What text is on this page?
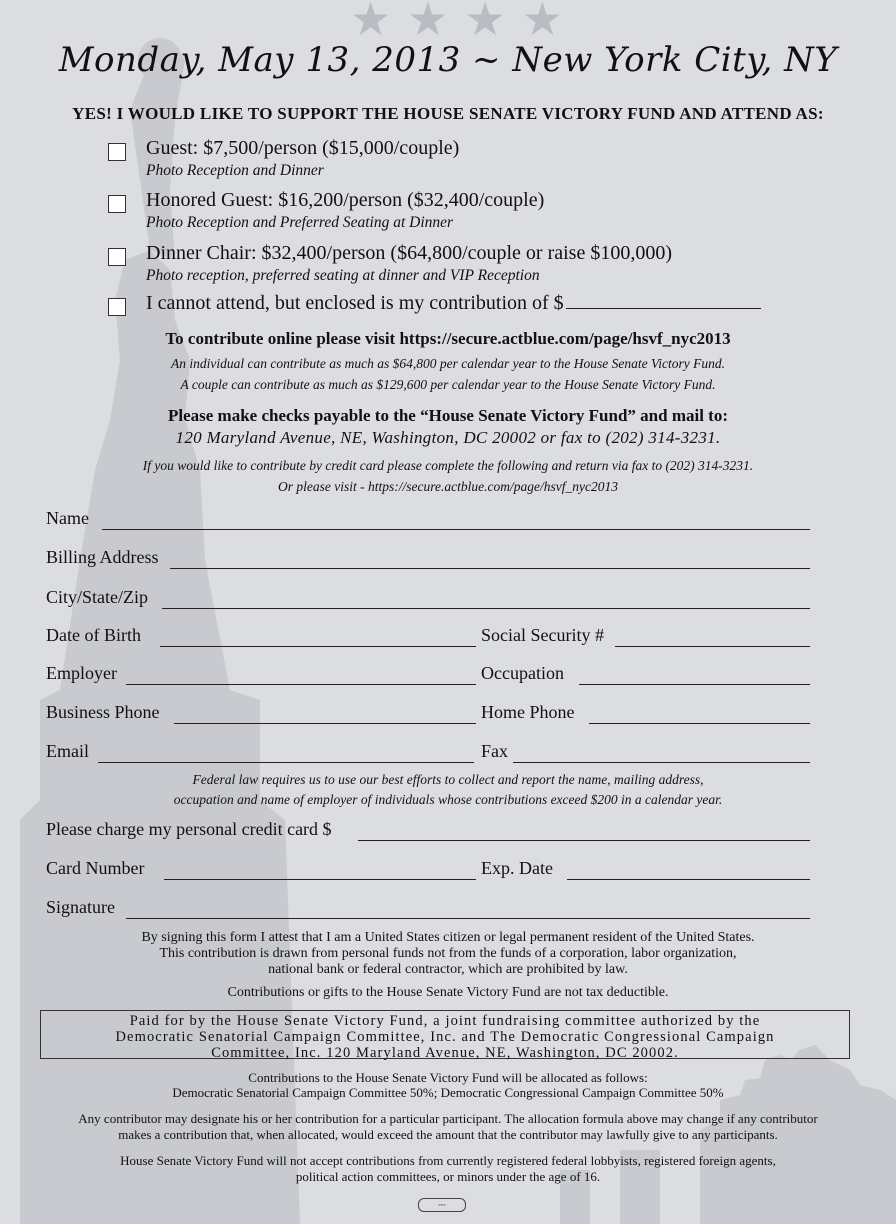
★ ★ ★ ★
Monday, May 13, 2013 ~ New York City, NY
YES! I WOULD LIKE TO SUPPORT THE HOUSE SENATE VICTORY FUND AND ATTEND AS:
Guest: $7,500/person ($15,000/couple)
Photo Reception and Dinner
Honored Guest: $16,200/person ($32,400/couple)
Photo Reception and Preferred Seating at Dinner
Dinner Chair: $32,400/person ($64,800/couple or raise $100,000)
Photo reception, preferred seating at dinner and VIP Reception
I cannot attend, but enclosed is my contribution of $
To contribute online please visit https://secure.actblue.com/page/hsvf_nyc2013
An individual can contribute as much as $64,800 per calendar year to the House Senate Victory Fund.
A couple can contribute as much as $129,600 per calendar year to the House Senate Victory Fund.
Please make checks payable to the “House Senate Victory Fund” and mail to:
120 Maryland Avenue, NE, Washington, DC 20002 or fax to (202) 314-3231.
If you would like to contribute by credit card please complete the following and return via fax to (202) 314-3231.
Or please visit - https://secure.actblue.com/page/hsvf_nyc2013
Name
Billing Address
City/State/Zip
Date of Birth	Social Security #
Employer	Occupation
Business Phone	Home Phone
Email	Fax
Federal law requires us to use our best efforts to collect and report the name, mailing address,
occupation and name of employer of individuals whose contributions exceed $200 in a calendar year.
Please charge my personal credit card $
Card Number	Exp. Date
Signature
By signing this form I attest that I am a United States citizen or legal permanent resident of the United States.
This contribution is drawn from personal funds not from the funds of a corporation, labor organization,
national bank or federal contractor, which are prohibited by law.
Contributions or gifts to the House Senate Victory Fund are not tax deductible.
Paid for by the House Senate Victory Fund, a joint fundraising committee authorized by the
Democratic Senatorial Campaign Committee, Inc. and The Democratic Congressional Campaign
Committee, Inc. 120 Maryland Avenue, NE, Washington, DC 20002.
Contributions to the House Senate Victory Fund will be allocated as follows:
Democratic Senatorial Campaign Committee 50%; Democratic Congressional Campaign Committee 50%
Any contributor may designate his or her contribution for a particular participant. The allocation formula above may change if any contributor
makes a contribution that, when allocated, would exceed the amount that the contributor may lawfully give to any participants.
House Senate Victory Fund will not accept contributions from currently registered federal lobbyists, registered foreign agents,
political action committees, or minors under the age of 16.
◦◦◦
